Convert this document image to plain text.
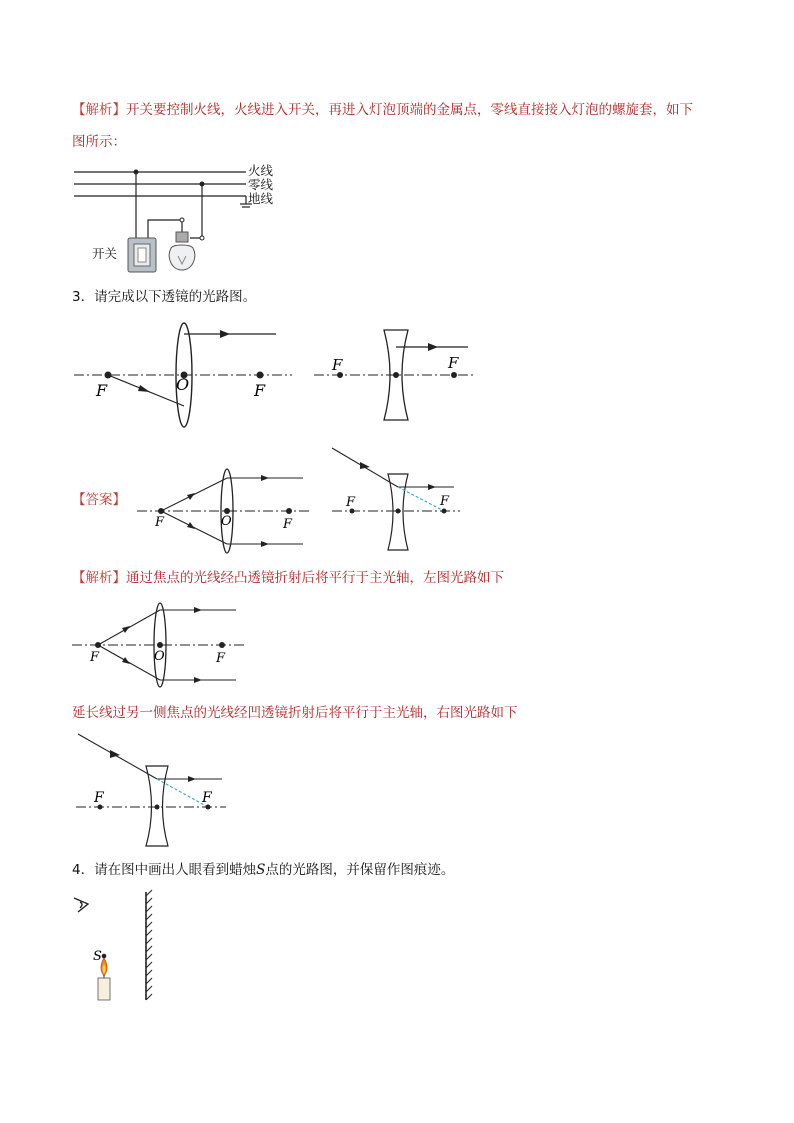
【解析】开关要控制火线，火线进入开关，再进入灯泡顶端的金属点，零线直接接入灯泡的螺旋套，如下
图所示：
火线
零线
地线
开关
3．请完成以下透镜的光路图。
F	O	F
F	F
【答案】
F	O	F
F	F
【解析】通过焦点的光线经凸透镜折射后将平行于主光轴，左图光路如下
F	O	F
延长线过另一侧焦点的光线经凹透镜折射后将平行于主光轴，右图光路如下
F	F
4．请在图中画出人眼看到蜡烛S点的光路图，并保留作图痕迹。
S
